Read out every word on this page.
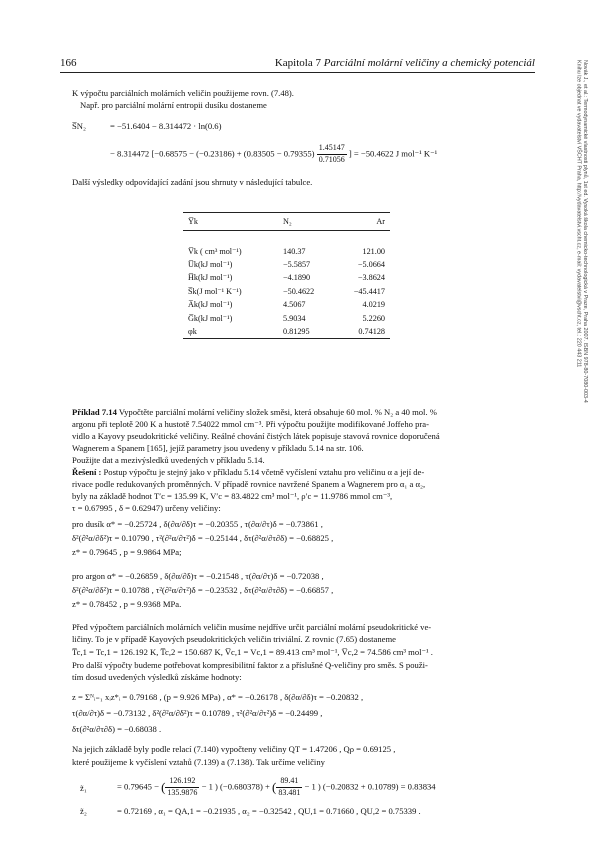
166	Kapitola 7 Parciální molární veličiny a chemický potenciál	Novák J., et al.: Termodynamické vlastnosti plynů, 1st ed. Vysoká škola chemicko-technologická v Praze, Praha 2007. ISBN 978-80-7080-003-4
Knihu lze objednat ve vydavatelství VŠCHT Praha, http://vydavatelstvi.vscht.cz, e-mail: vydavatelstvi@vscht.cz, tel.: 220 443 211
K výpočtu parciálních molárních veličin použijeme rovn. (7.48).
Např. pro parciální molární entropii dusíku dostaneme
S̅N₂	= −51.6404 − 8.314472 · ln(0.6)
− 8.314472 [$-0.68575 - (-0.23186) + (0.83505 - 0.79355) \frac{1.45147}{0.71056}$ ] = −50.4622 J mol⁻¹ K⁻¹
Další výsledky odpovídající zadání jsou shrnuty v následující tabulce.
Y̅k	N₂	Ar

V̅k ( cm³ mol⁻¹)	140.37	121.00
U̅k(kJ mol⁻¹)	−5.5857	−5.0664
H̅k(kJ mol⁻¹)	−4.1890	−3.8624
S̅k(J mol⁻¹ K⁻¹)	−50.4622	−45.4417
A̅k(kJ mol⁻¹)	4.5067	4.0219
G̅k(kJ mol⁻¹)	5.9034	5.2260
φk	0.81295	0.74128
Příklad 7.14 Vypočtěte parciální molární veličiny složek směsi, která obsahuje 60 mol. % N₂ a 40 mol. %
argonu při teplotě 200 K a hustotě 7.54022 mmol cm⁻³. Při výpočtu použijte modifikované Joffeho pra-
vidlo a Kayovy pseudokritické veličiny. Reálné chování čistých látek popisuje stavová rovnice doporučená
Wagnerem a Spanem [165], jejíž parametry jsou uvedeny v příkladu 5.14 na str. 106.
Použijte dat a mezivýsledků uvedených v příkladu 5.14.
Řešení : Postup výpočtu je stejný jako v příkladu 5.14 včetně vyčíslení vztahu pro veličinu α a její de-
rivace podle redukovaných proměnných. V případě rovnice navržené Spanem a Wagnerem pro α₁ a α₂,
byly na základě hodnot T′c = 135.99 K, V′c = 83.4822 cm³ mol⁻¹, ρ′c = 11.9786 mmol cm⁻³,
τ = 0.67995 , δ = 0.62947) určeny veličiny:
pro dusík α* = −0.25724 , δ(∂α/∂δ)τ = −0.20355 , τ(∂α/∂τ)δ = −0.73861 ,
δ²(∂²α/∂δ²)τ = 0.10790 , τ²(∂²α/∂τ²)δ = −0.25144 , δτ(∂²α/∂τ∂δ) = −0.68825 ,
z* = 0.79645 , p = 9.9864 MPa;
pro argon α* = −0.26859 , δ(∂α/∂δ)τ = −0.21548 , τ(∂α/∂τ)δ = −0.72038 ,
δ²(∂²α/∂δ²)τ = 0.10788 , τ²(∂²α/∂τ²)δ = −0.23532 , δτ(∂²α/∂τ∂δ) = −0.66857 ,
z* = 0.78452 , p = 9.9368 MPa.
Před výpočtem parciálních molárních veličin musíme nejdříve určit parciální molární pseudokritické ve-
ličiny. To je v případě Kayových pseudokritických veličin triviální. Z rovnic (7.65) dostaneme
T̅c,1 = Tc,1 = 126.192 K, T̅c,2 = 150.687 K, V̅c,1 = Vc,1 = 89.413 cm³ mol⁻¹, V̅c,2 = 74.586 cm³ mol⁻¹ .
Pro další výpočty budeme potřebovat kompresibilitní faktor z a příslušné Q-veličiny pro směs. S použi-
tím dosud uvedených výsledků získáme hodnoty:
z = Σᴺᵢ₌₁ xᵢz*ᵢ = 0.79168 , (p = 9.926 MPa) , α* = −0.26178 , δ(∂α/∂δ)τ = −0.20832 ,
τ(∂α/∂τ)δ = −0.73132 , δ²(∂²α/∂δ²)τ = 0.10789 , τ²(∂²α/∂τ²)δ = −0.24499 ,
δτ(∂²α/∂τ∂δ) = −0.68038 .
Na jejich základě byly podle relací (7.140) vypočteny veličiny QT = 1.47206 , Qρ = 0.69125 ,
které použijeme k vyčíslení vztahů (7.139) a (7.138). Tak určíme veličiny
z̃₁	= 0.79645 − ( $\frac{126.192}{135.9876} - 1$ ) (−0.680378) + ( $\frac{89.41}{83.481} - 1$ ) (−0.20832 + 0.10789) = 0.83834
z̃₂	= 0.72169 , α₁ = QA,1 = −0.21935 , α₂ = −0.32542 , QU,1 = 0.71660 , QU,2 = 0.75339 .
